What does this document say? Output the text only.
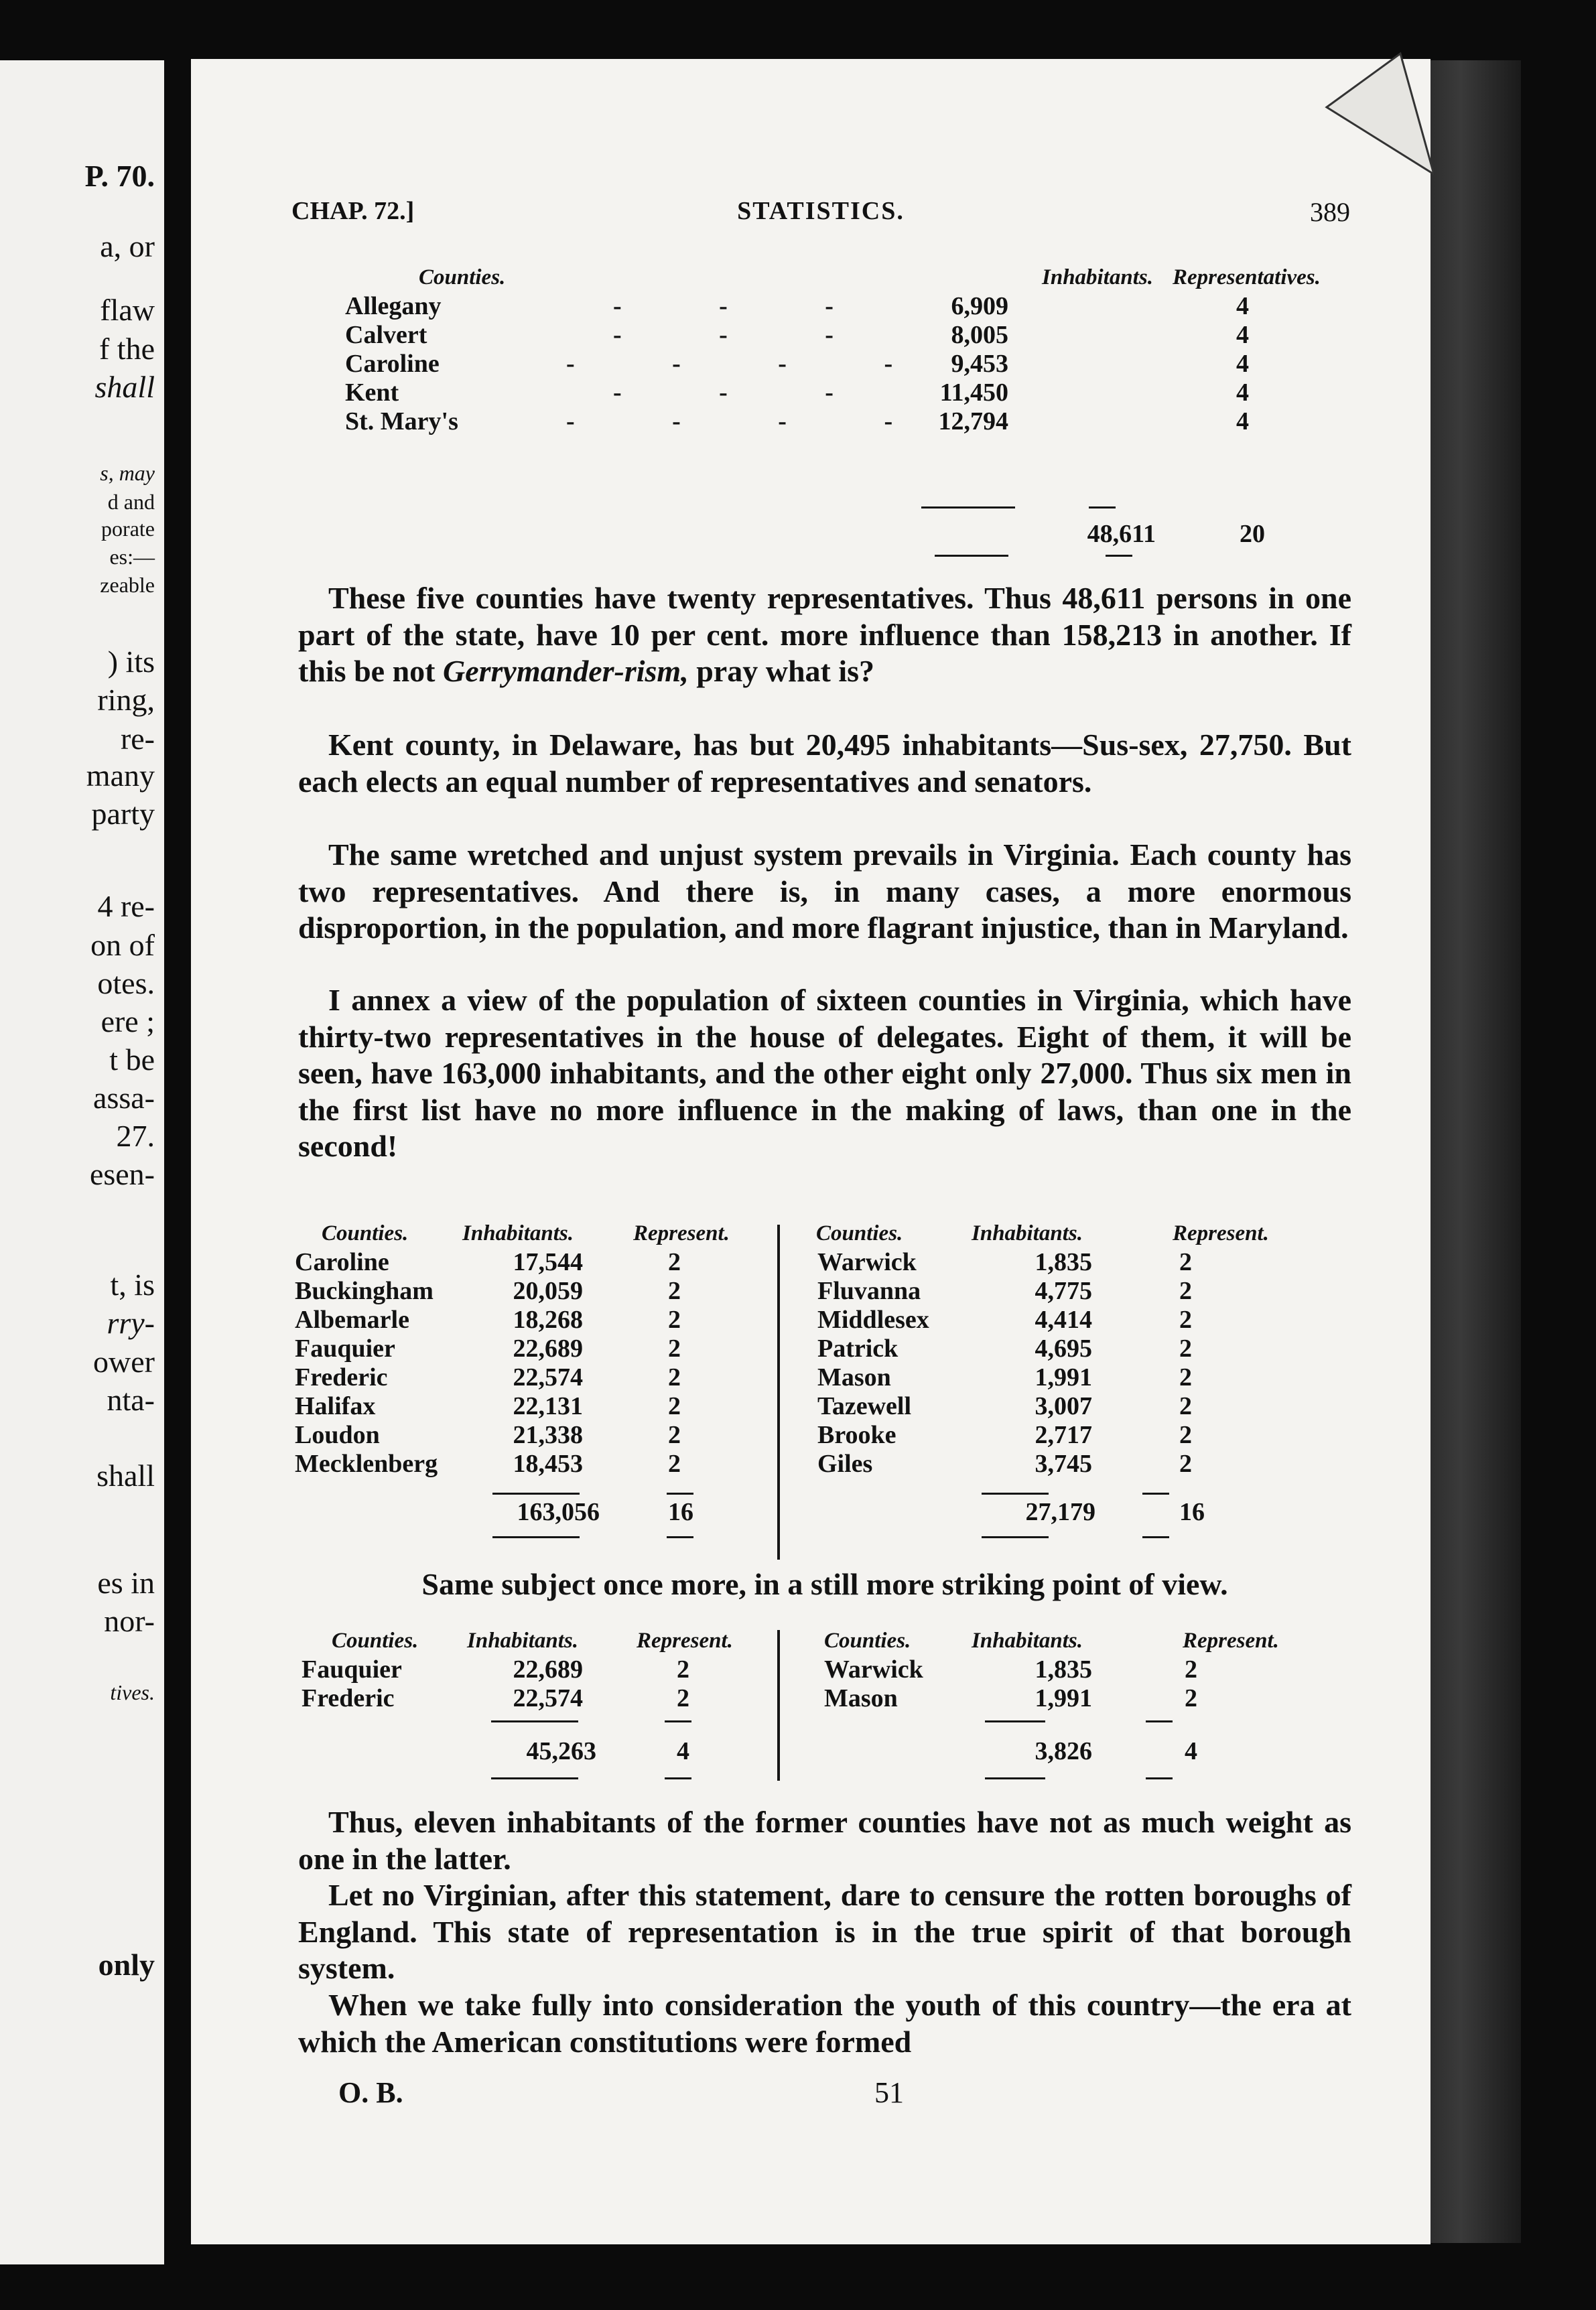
P. 70.
a, or
flaw
f the
shall
s, may
d and
porate
es:—
zeable
) its
ring,
re-
many
party
4 re-
on of
otes.
ere ;
t be
assa-
27.
esen-
t, is
rry-
ower
nta-
shall
es in
nor-
tives.
only
CHAP. 72.]	STATISTICS.	389
Counties.	Inhabitants. Representatives.
Allegany	- - -	6,909	4
Calvert	- - -	8,005	4
Caroline	- - - - 9,453	4
Kent	- - -	11,450	4
St. Mary's	- - - - 12,794	4
48,611	20
These five counties have twenty representatives. Thus 48,611 persons in one part of the state, have 10 per cent. more influence than 158,213 in another. If this be not Gerrymander-rism, pray what is?
Kent county, in Delaware, has but 20,495 inhabitants—Sus-sex, 27,750. But each elects an equal number of representatives and senators.
The same wretched and unjust system prevails in Virginia. Each county has two representatives. And there is, in many cases, a more enormous disproportion, in the population, and more flagrant injustice, than in Maryland.
I annex a view of the population of sixteen counties in Virginia, which have thirty-two representatives in the house of delegates. Eight of them, it will be seen, have 163,000 inhabitants, and the other eight only 27,000. Thus six men in the first list have no more influence in the making of laws, than one in the second!
Counties. Inhabitants.	Represent.	Counties.	Inhabitants.	Represent.
Caroline	17,544	2	Warwick	1,835	2
Buckingham	20,059	2	Fluvanna	4,775	2
Albemarle	18,268	2	Middlesex	4,414	2
Fauquier	22,689	2	Patrick	4,695	2
Frederic	22,574	2	Mason	1,991	2
Halifax	22,131	2	Tazewell	3,007	2
Loudon	21,338	2	Brooke	2,717	2
Mecklenberg	18,453	2	Giles	3,745	2
163,056	16	27,179	16
Same subject once more, in a still more striking point of view.
Counties. Inhabitants.	Represent.	Counties.	Inhabitants.	Represent.
Fauquier	22,689	2	Warwick	1,835	2
Frederic	22,574	2	Mason	1,991	2
45,263	4	3,826	4
Thus, eleven inhabitants of the former counties have not as much weight as one in the latter.
Let no Virginian, after this statement, dare to censure the rotten boroughs of England. This state of representation is in the true spirit of that borough system.
When we take fully into consideration the youth of this country—the era at which the American constitutions were formed
O. B.	51
